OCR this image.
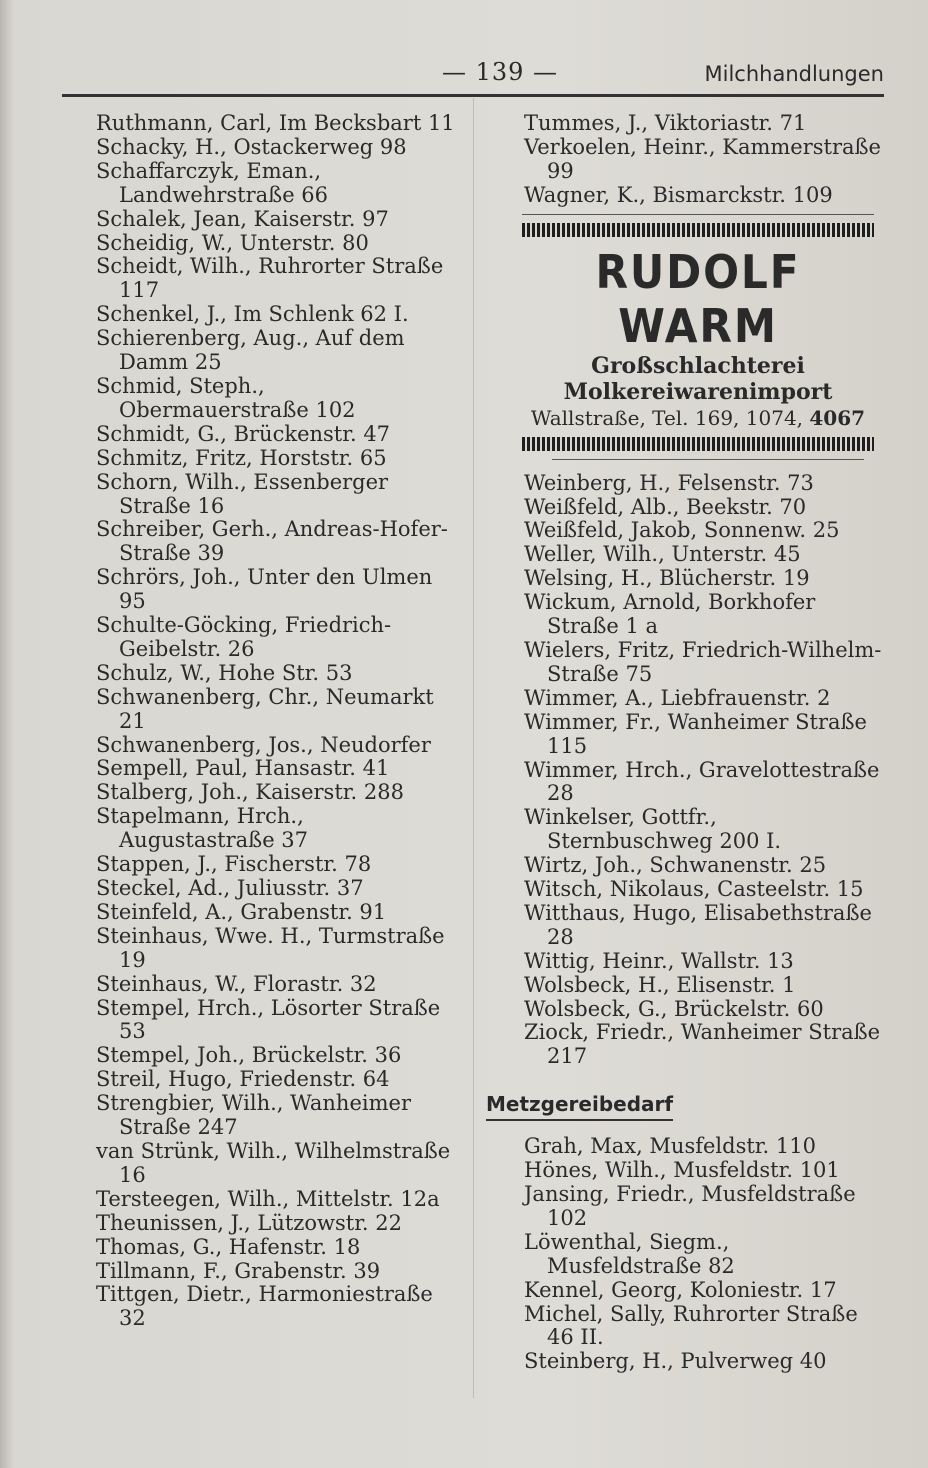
— 139 —	Milchhandlungen
Ruthmann, Carl, Im Becksbart 11
Schacky, H., Ostackerweg 98
Schaffarczyk, Eman., Landwehrstraße 66
Schalek, Jean, Kaiserstr. 97
Scheidig, W., Unterstr. 80
Scheidt, Wilh., Ruhrorter Straße 117
Schenkel, J., Im Schlenk 62 I.
Schierenberg, Aug., Auf dem Damm 25
Schmid, Steph., Obermauerstraße 102
Schmidt, G., Brückenstr. 47
Schmitz, Fritz, Horststr. 65
Schorn, Wilh., Essenberger Straße 16
Schreiber, Gerh., Andreas-Hofer-Straße 39
Schrörs, Joh., Unter den Ulmen 95
Schulte-Göcking, Friedrich-Geibelstr. 26
Schulz, W., Hohe Str. 53
Schwanenberg, Chr., Neumarkt 21
Schwanenberg, Jos., Neudorfer
Sempell, Paul, Hansastr. 41
Stalberg, Joh., Kaiserstr. 288
Stapelmann, Hrch., Augustastraße 37
Stappen, J., Fischerstr. 78
Steckel, Ad., Juliusstr. 37
Steinfeld, A., Grabenstr. 91
Steinhaus, Wwe. H., Turmstraße 19
Steinhaus, W., Florastr. 32
Stempel, Hrch., Lösorter Straße 53
Stempel, Joh., Brückelstr. 36
Streil, Hugo, Friedenstr. 64
Strengbier, Wilh., Wanheimer Straße 247
van Strünk, Wilh., Wilhelmstraße 16
Tersteegen, Wilh., Mittelstr. 12a
Theunissen, J., Lützowstr. 22
Thomas, G., Hafenstr. 18
Tillmann, F., Grabenstr. 39
Tittgen, Dietr., Harmoniestraße 32
Tummes, J., Viktoriastr. 71
Verkoelen, Heinr., Kammerstraße 99
Wagner, K., Bismarckstr. 109
RUDOLF WARM
Großschlachterei
Molkereiwarenimport
Wallstraße, Tel. 169, 1074, 4067
Weinberg, H., Felsenstr. 73
Weißfeld, Alb., Beekstr. 70
Weißfeld, Jakob, Sonnenw. 25
Weller, Wilh., Unterstr. 45
Welsing, H., Blücherstr. 19
Wickum, Arnold, Borkhofer Straße 1 a
Wielers, Fritz, Friedrich-Wilhelm-Straße 75
Wimmer, A., Liebfrauenstr. 2
Wimmer, Fr., Wanheimer Straße 115
Wimmer, Hrch., Gravelottestraße 28
Winkelser, Gottfr., Sternbuschweg 200 I.
Wirtz, Joh., Schwanenstr. 25
Witsch, Nikolaus, Casteelstr. 15
Witthaus, Hugo, Elisabethstraße 28
Wittig, Heinr., Wallstr. 13
Wolsbeck, H., Elisenstr. 1
Wolsbeck, G., Brückelstr. 60
Ziock, Friedr., Wanheimer Straße 217
Metzgereibedarf
Grah, Max, Musfeldstr. 110
Hönes, Wilh., Musfeldstr. 101
Jansing, Friedr., Musfeldstraße 102
Löwenthal, Siegm., Musfeldstraße 82
Kennel, Georg, Koloniestr. 17
Michel, Sally, Ruhrorter Straße 46 II.
Steinberg, H., Pulverweg 40
